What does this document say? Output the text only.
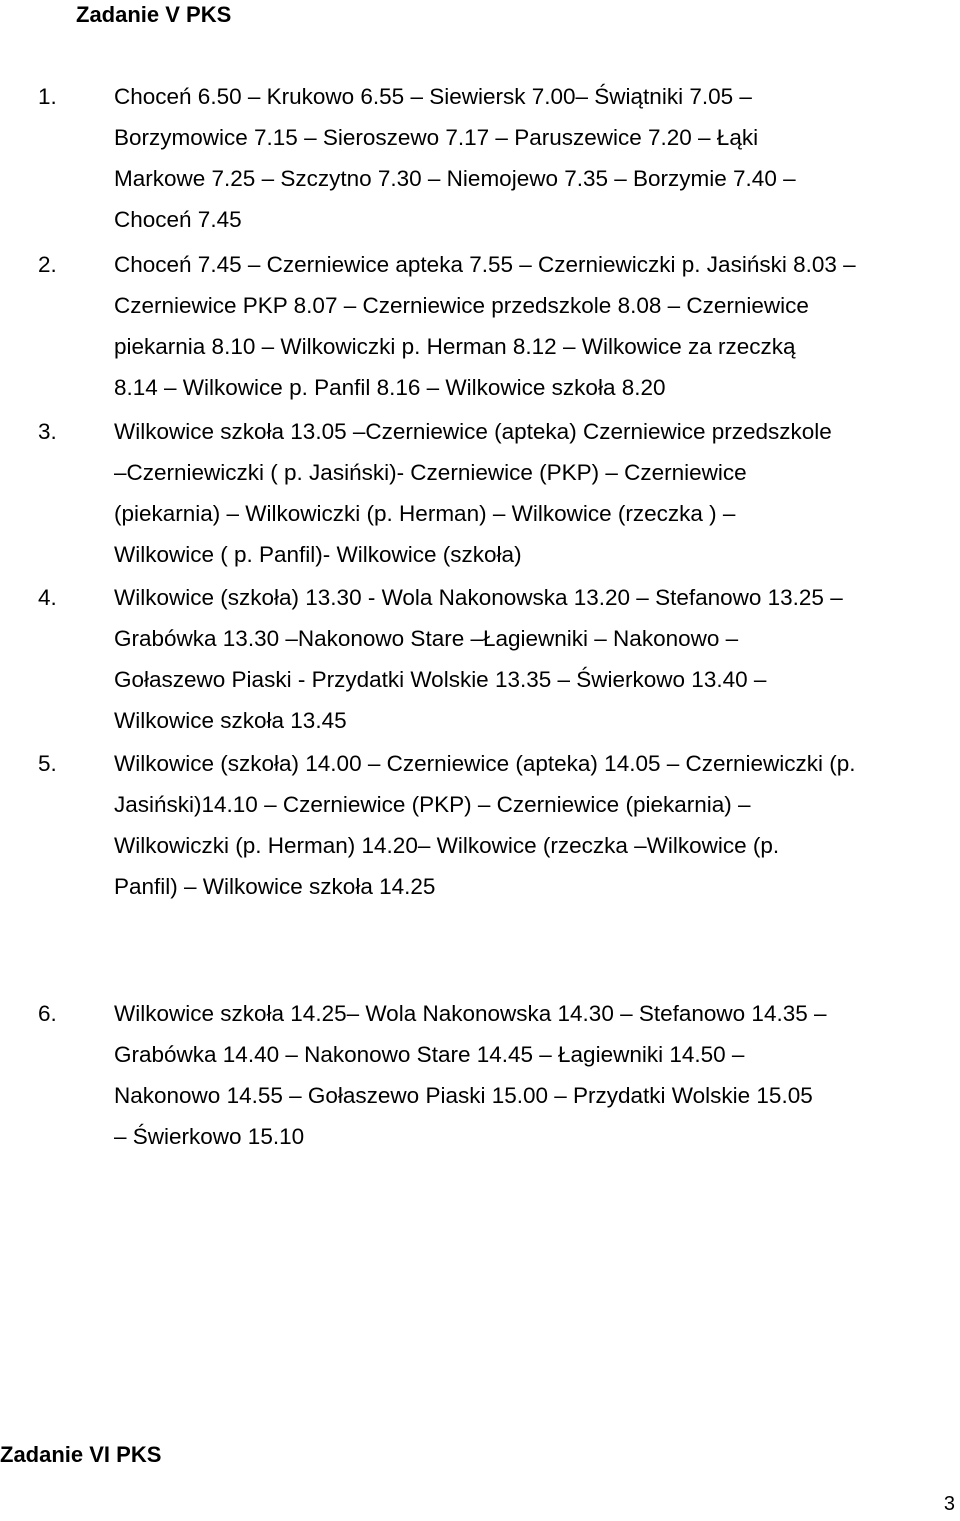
Zadanie V PKS
1.	Choceń 6.50 – Krukowo 6.55 – Siewiersk 7.00– Świątniki 7.05 –
Borzymowice 7.15 – Sieroszewo 7.17 – Paruszewice 7.20 – Łąki
Markowe 7.25 – Szczytno 7.30 – Niemojewo 7.35 – Borzymie 7.40 –
Choceń 7.45
2.	Choceń 7.45 – Czerniewice apteka 7.55 – Czerniewiczki p. Jasiński 8.03 –
Czerniewice PKP 8.07 – Czerniewice przedszkole 8.08 – Czerniewice
piekarnia 8.10 – Wilkowiczki p. Herman 8.12 – Wilkowice za rzeczką
8.14 – Wilkowice p. Panfil 8.16 – Wilkowice szkoła 8.20
3.	Wilkowice szkoła 13.05 –Czerniewice (apteka) Czerniewice przedszkole
–Czerniewiczki ( p. Jasiński)- Czerniewice (PKP) – Czerniewice
(piekarnia) – Wilkowiczki (p. Herman) – Wilkowice (rzeczka ) –
Wilkowice ( p. Panfil)- Wilkowice (szkoła)
4.	Wilkowice (szkoła) 13.30 - Wola Nakonowska 13.20 – Stefanowo 13.25 –
Grabówka 13.30 –Nakonowo Stare –Łagiewniki – Nakonowo –
Gołaszewo Piaski - Przydatki Wolskie 13.35 – Świerkowo 13.40 –
Wilkowice szkoła 13.45
5.	Wilkowice (szkoła) 14.00 – Czerniewice (apteka) 14.05 – Czerniewiczki (p.
Jasiński)14.10 – Czerniewice (PKP) – Czerniewice (piekarnia) –
Wilkowiczki (p. Herman) 14.20– Wilkowice (rzeczka –Wilkowice (p.
Panfil) – Wilkowice szkoła 14.25
6.	Wilkowice szkoła 14.25– Wola Nakonowska 14.30 – Stefanowo 14.35 –
Grabówka 14.40 – Nakonowo Stare 14.45 – Łagiewniki 14.50 –
Nakonowo 14.55 – Gołaszewo Piaski 15.00 – Przydatki Wolskie 15.05
– Świerkowo 15.10
Zadanie VI PKS
3
